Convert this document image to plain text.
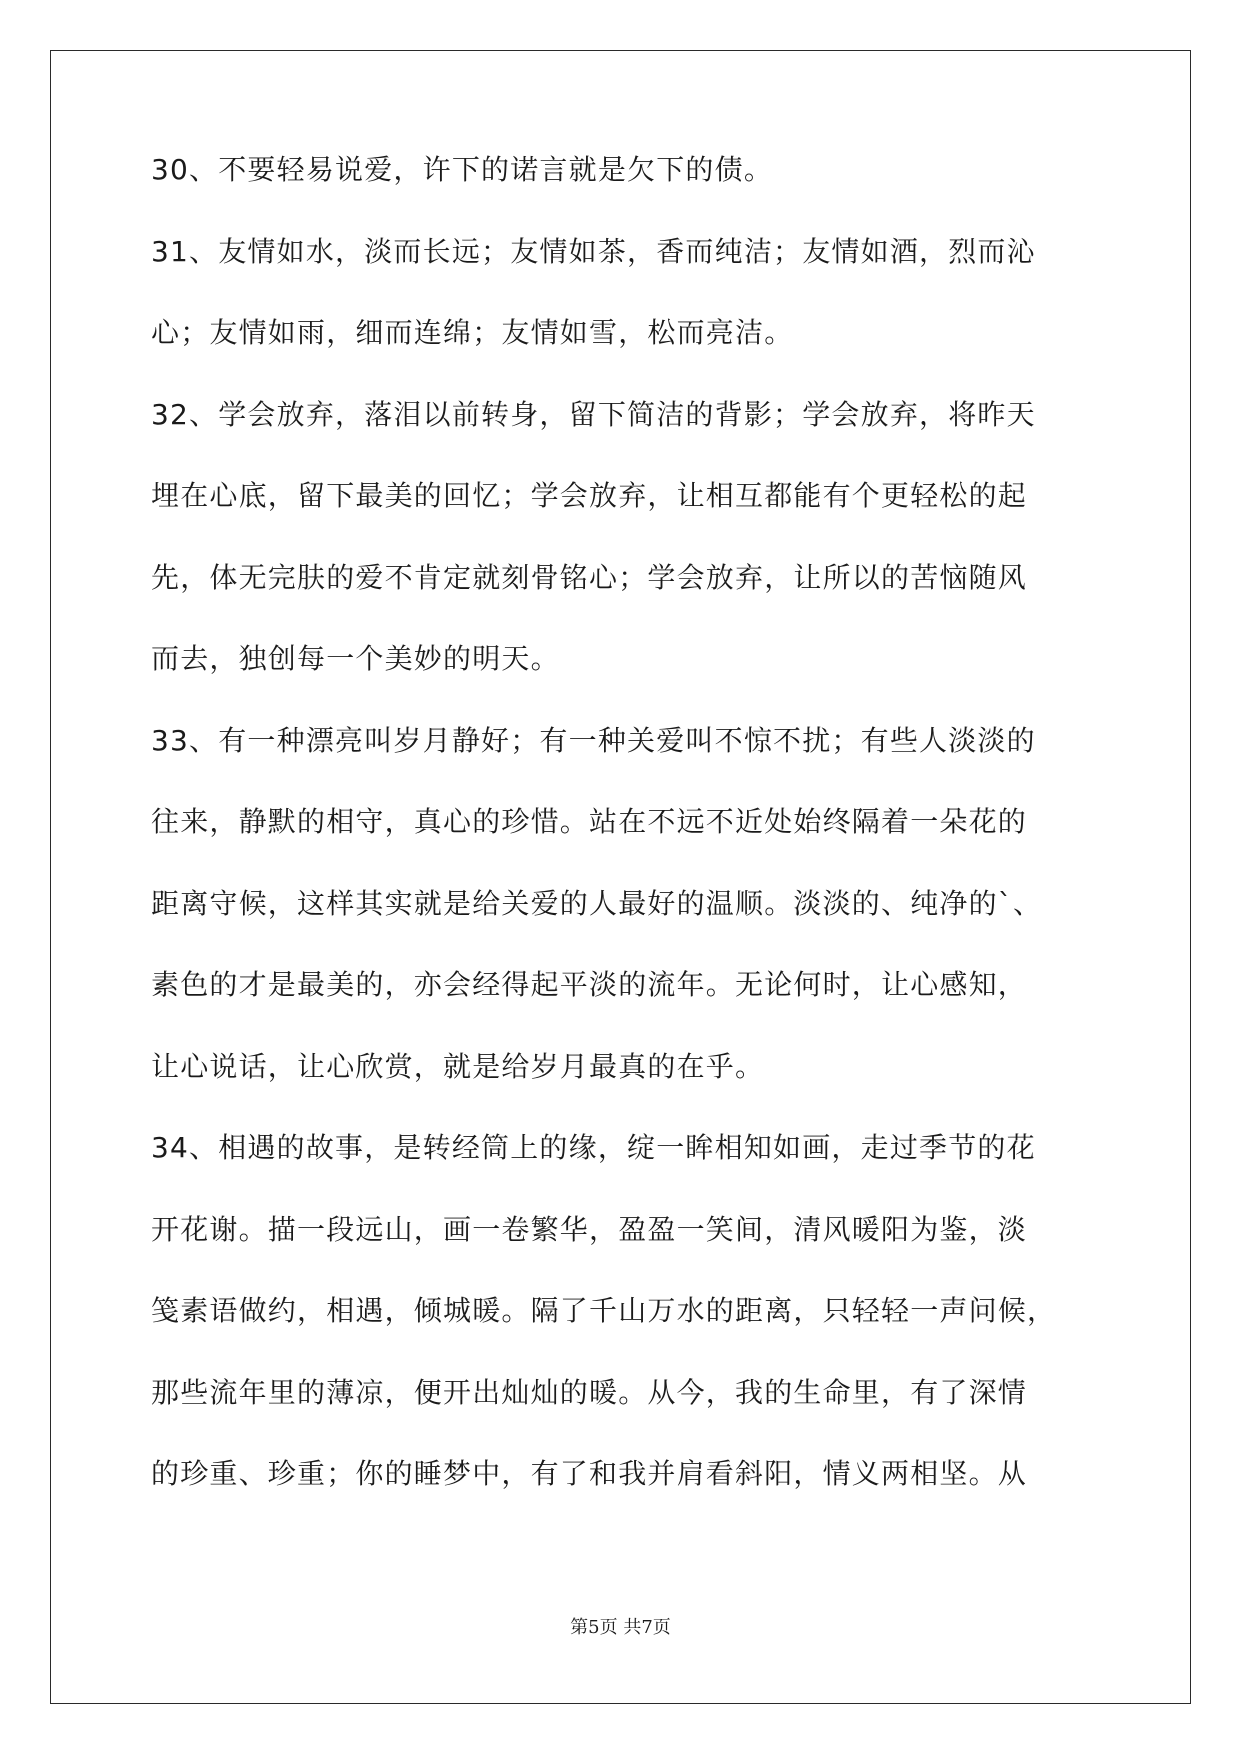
30、不要轻易说爱，许下的诺言就是欠下的债。
31、友情如水，淡而长远；友情如茶，香而纯洁；友情如酒，烈而沁
心；友情如雨，细而连绵；友情如雪，松而亮洁。
32、学会放弃，落泪以前转身，留下简洁的背影；学会放弃，将昨天
埋在心底，留下最美的回忆；学会放弃，让相互都能有个更轻松的起
先，体无完肤的爱不肯定就刻骨铭心；学会放弃，让所以的苦恼随风
而去，独创每一个美妙的明天。
33、有一种漂亮叫岁月静好；有一种关爱叫不惊不扰；有些人淡淡的
往来，静默的相守，真心的珍惜。站在不远不近处始终隔着一朵花的
距离守候，这样其实就是给关爱的人最好的温顺。淡淡的、纯净的`、
素色的才是最美的，亦会经得起平淡的流年。无论何时，让心感知，
让心说话，让心欣赏，就是给岁月最真的在乎。
34、相遇的故事，是转经筒上的缘，绽一眸相知如画，走过季节的花
开花谢。描一段远山，画一卷繁华，盈盈一笑间，清风暖阳为鉴，淡
笺素语做约，相遇，倾城暖。隔了千山万水的距离，只轻轻一声问候，
那些流年里的薄凉，便开出灿灿的暖。从今，我的生命里，有了深情
的珍重、珍重；你的睡梦中，有了和我并肩看斜阳，情义两相坚。从
第5页 共7页
